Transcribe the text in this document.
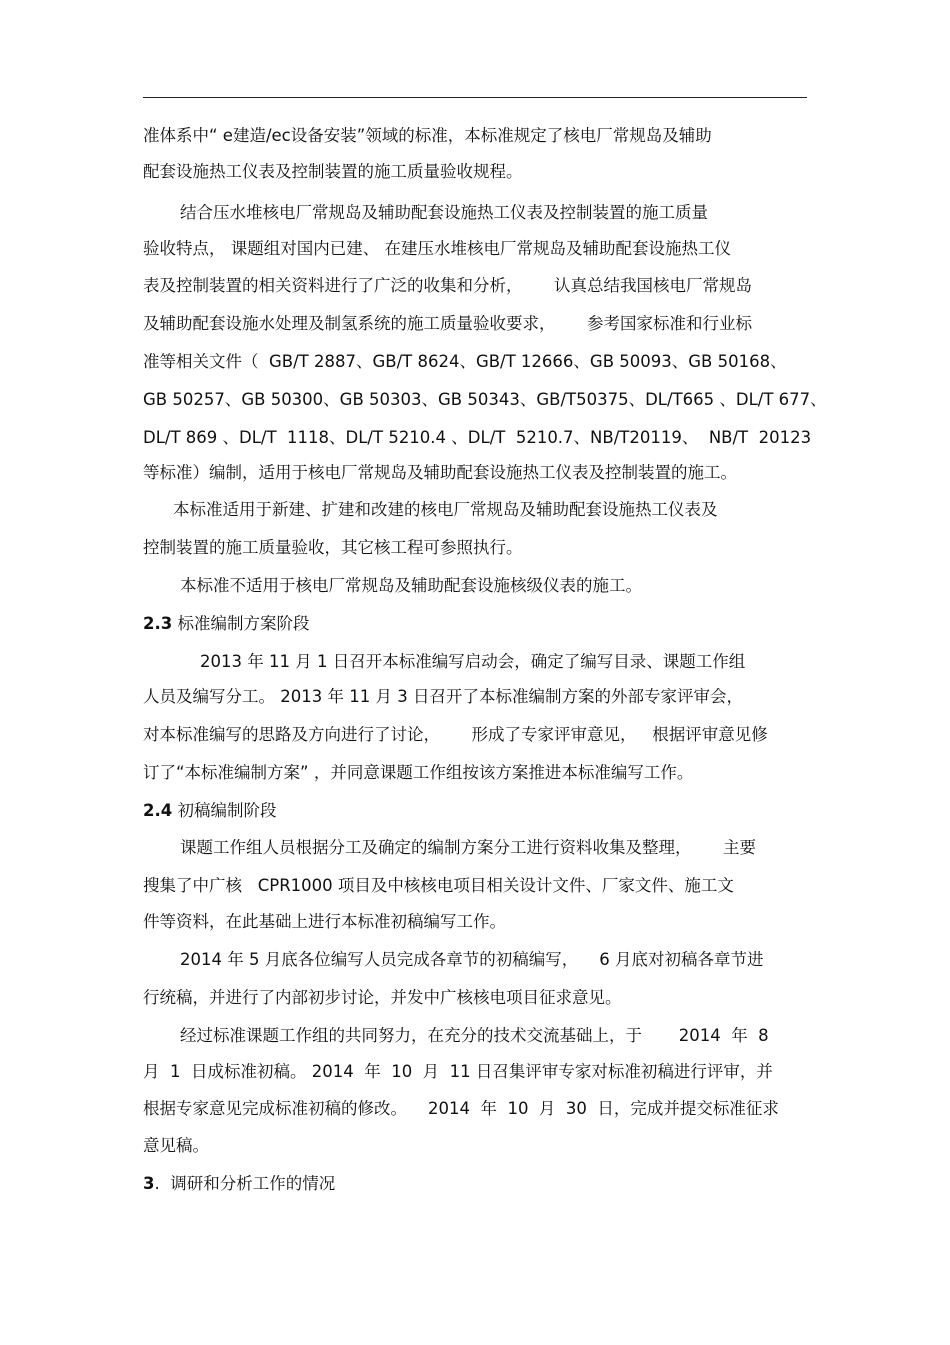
准体系中“ e建造/ec设备安装”领域的标准，本标准规定了核电厂常规岛及辅助
配套设施热工仪表及控制装置的施工质量验收规程。
结合压水堆核电厂常规岛及辅助配套设施热工仪表及控制装置的施工质量
验收特点， 课题组对国内已建、 在建压水堆核电厂常规岛及辅助配套设施热工仪
表及控制装置的相关资料进行了广泛的收集和分析，      认真总结我国核电厂常规岛
及辅助配套设施水处理及制氢系统的施工质量验收要求，      参考国家标准和行业标
准等相关文件（  GB/T 2887、GB/T 8624、GB/T 12666、GB 50093、GB 50168、
GB 50257、GB 50300、GB 50303、GB 50343、GB/T50375、DL/T665 、DL/T 677、
DL/T 869 、DL/T  1118、DL/T 5210.4 、DL/T  5210.7、NB/T20119、  NB/T  20123
等标准）编制，适用于核电厂常规岛及辅助配套设施热工仪表及控制装置的施工。
本标准适用于新建、扩建和改建的核电厂常规岛及辅助配套设施热工仪表及
控制装置的施工质量验收，其它核工程可参照执行。
本标准不适用于核电厂常规岛及辅助配套设施核级仪表的施工。
2.3 标准编制方案阶段
2013 年 11 月 1 日召开本标准编写启动会，确定了编写目录、课题工作组
人员及编写分工。 2013 年 11 月 3 日召开了本标准编制方案的外部专家评审会，
对本标准编写的思路及方向进行了讨论，      形成了专家评审意见，   根据评审意见修
订了“本标准编制方案” ，并同意课题工作组按该方案推进本标准编写工作。
2.4 初稿编制阶段
课题工作组人员根据分工及确定的编制方案分工进行资料收集及整理，      主要
搜集了中广核   CPR1000 项目及中核核电项目相关设计文件、厂家文件、施工文
件等资料，在此基础上进行本标准初稿编写工作。
2014 年 5 月底各位编写人员完成各章节的初稿编写，    6 月底对初稿各章节进
行统稿，并进行了内部初步讨论，并发中广核核电项目征求意见。
经过标准课题工作组的共同努力，在充分的技术交流基础上，于       2014  年  8
月  1  日成标准初稿。 2014  年  10  月  11 日召集评审专家对标准初稿进行评审，并
根据专家意见完成标准初稿的修改。    2014  年  10  月  30  日，完成并提交标准征求
意见稿。
3.  调研和分析工作的情况
